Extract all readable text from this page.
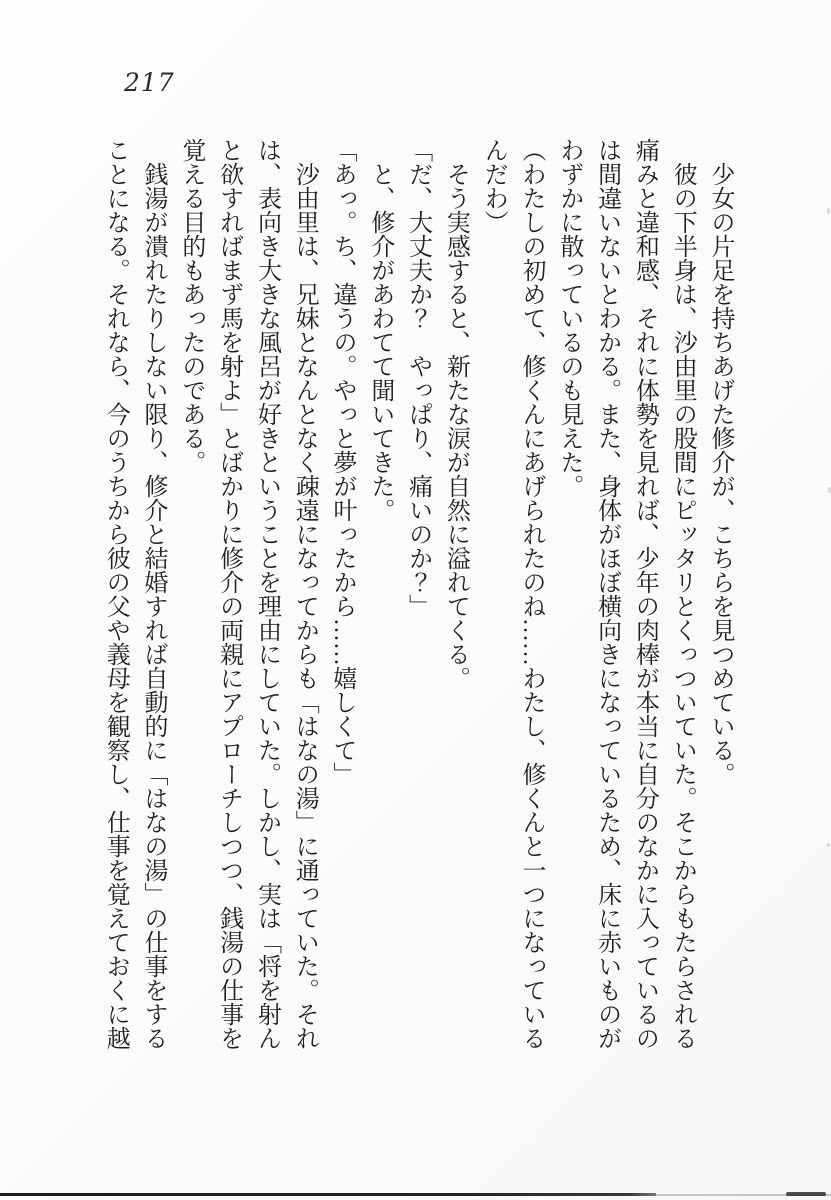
217
　少女の片足を持ちあげた修介が、こちらを見つめている。
　彼の下半身は、沙由里の股間にピッタリとくっついていた。そこからもたらされる
痛みと違和感、それに体勢を見れば、少年の肉棒が本当に自分のなかに入っているの
は間違いないとわかる。また、身体がほぼ横向きになっているため、床に赤いものが
わずかに散っているのも見えた。
（わたしの初めて、修くんにあげられたのね……わたし、修くんと一つになっている
んだわ）
　そう実感すると、新たな涙が自然に溢れてくる。
「だ、大丈夫か？　やっぱり、痛いのか？」
　と、修介があわてて聞いてきた。
「あっ。ち、違うの。やっと夢が叶ったから……嬉しくて」
　沙由里は、兄妹となんとなく疎遠になってからも「はなの湯」に通っていた。それ
は、表向き大きな風呂が好きということを理由にしていた。しかし、実は「将を射ん
と欲すればまず馬を射よ」とばかりに修介の両親にアプローチしつつ、銭湯の仕事を
覚える目的もあったのである。
　銭湯が潰れたりしない限り、修介と結婚すれば自動的に「はなの湯」の仕事をする
ことになる。それなら、今のうちから彼の父や義母を観察し、仕事を覚えておくに越
